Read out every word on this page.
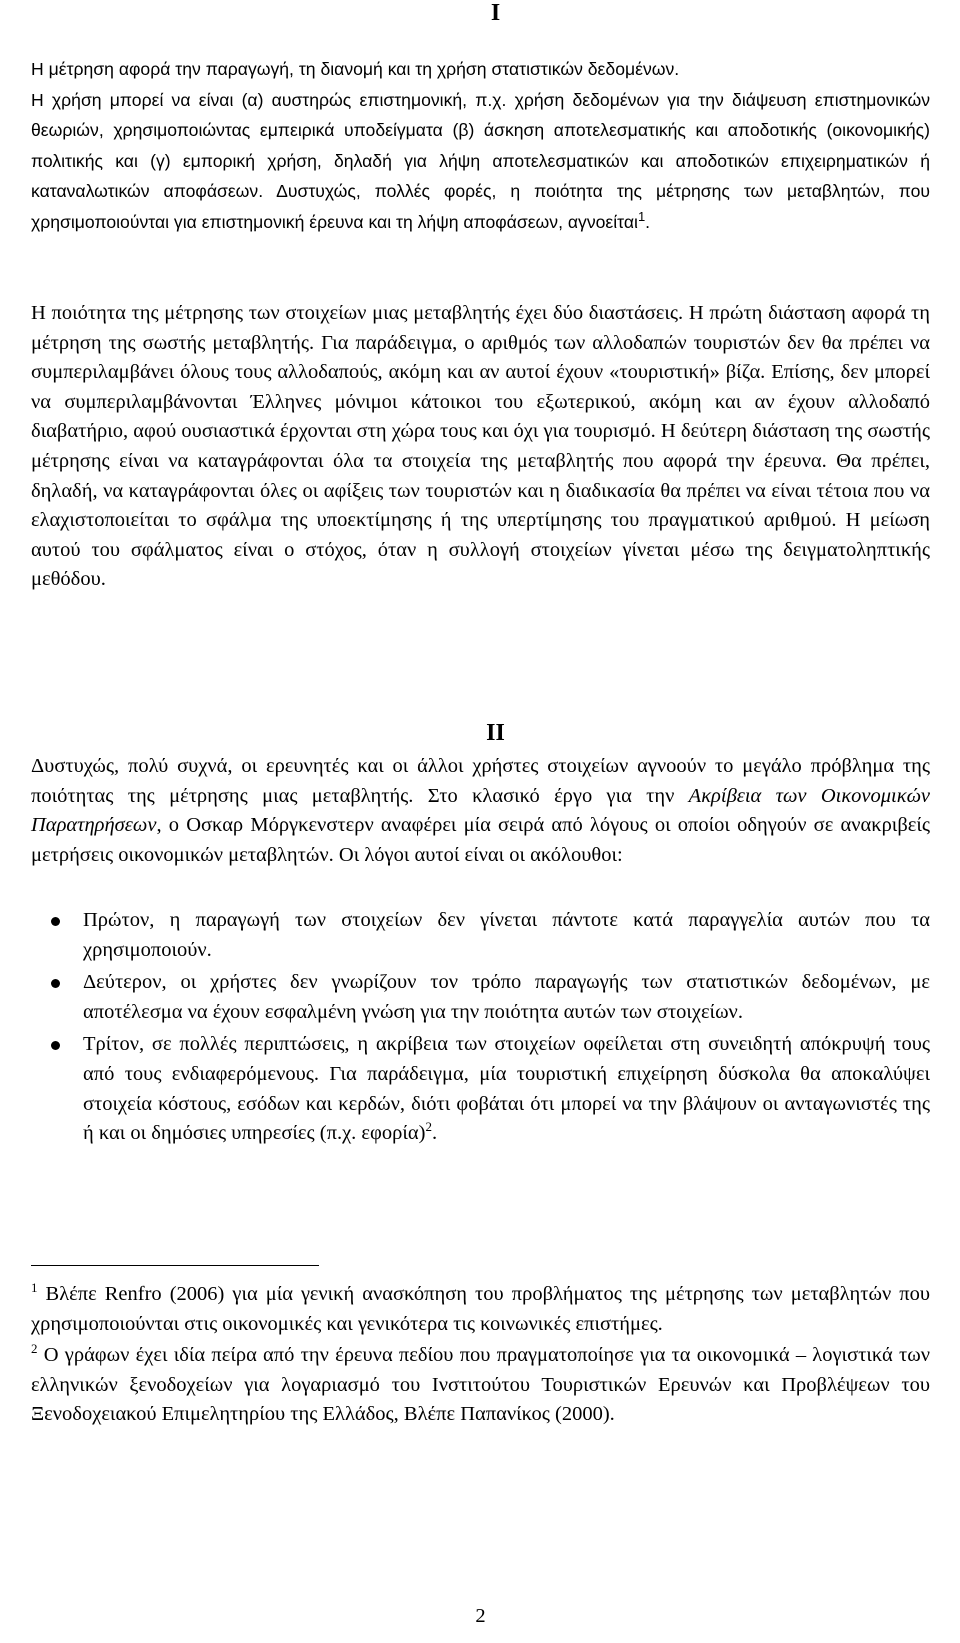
I

Η μέτρηση αφορά την παραγωγή, τη διανομή και τη χρήση στατιστικών δεδομένων.
Η χρήση μπορεί να είναι (α) αυστηρώς επιστημονική, π.χ. χρήση δεδομένων για την διάψευση επιστημονικών θεωριών, χρησιμοποιώντας εμπειρικά υποδείγματα (β) άσκηση αποτελεσματικής και αποδοτικής (οικονομικής) πολιτικής και (γ) εμπορική χρήση, δηλαδή για λήψη αποτελεσματικών και αποδοτικών επιχειρηματικών ή καταναλωτικών αποφάσεων. Δυστυχώς, πολλές φορές, η ποιότητα της μέτρησης των μεταβλητών, που χρησιμοποιούνται για επιστημονική έρευνα και τη λήψη αποφάσεων, αγνοείται$^1$.

Η ποιότητα της μέτρησης των στοιχείων μιας μεταβλητής έχει δύο διαστάσεις. Η πρώτη διάσταση αφορά τη μέτρηση της σωστής μεταβλητής. Για παράδειγμα, ο αριθμός των αλλοδαπών τουριστών δεν θα πρέπει να συμπεριλαμβάνει όλους τους αλλοδαπούς, ακόμη και αν αυτοί έχουν «τουριστική» βίζα. Επίσης, δεν μπορεί να συμπεριλαμβάνονται Έλληνες μόνιμοι κάτοικοι του εξωτερικού, ακόμη και αν έχουν αλλοδαπό διαβατήριο, αφού ουσιαστικά έρχονται στη χώρα τους και όχι για τουρισμό. Η δεύτερη διάσταση της σωστής μέτρησης είναι να καταγράφονται όλα τα στοιχεία της μεταβλητής που αφορά την έρευνα. Θα πρέπει, δηλαδή, να καταγράφονται όλες οι αφίξεις των τουριστών και η διαδικασία θα πρέπει να είναι τέτοια που να ελαχιστοποιείται το σφάλμα της υποεκτίμησης ή της υπερτίμησης του πραγματικού αριθμού. Η μείωση αυτού του σφάλματος είναι ο στόχος, όταν η συλλογή στοιχείων γίνεται μέσω της δειγματοληπτικής μεθόδου.

II

Δυστυχώς, πολύ συχνά, οι ερευνητές και οι άλλοι χρήστες στοιχείων αγνοούν το μεγάλο πρόβλημα της ποιότητας της μέτρησης μιας μεταβλητής. Στο κλασικό έργο για την Ακρίβεια των Οικονομικών Παρατηρήσεων, ο Οσκαρ Μόργκενστερν αναφέρει μία σειρά από λόγους οι οποίοι οδηγούν σε ανακριβείς μετρήσεις οικονομικών μεταβλητών. Οι λόγοι αυτοί είναι οι ακόλουθοι:

Πρώτον, η παραγωγή των στοιχείων δεν γίνεται πάντοτε κατά παραγγελία αυτών που τα χρησιμοποιούν.
Δεύτερον, οι χρήστες δεν γνωρίζουν τον τρόπο παραγωγής των στατιστικών δεδομένων, με αποτέλεσμα να έχουν εσφαλμένη γνώση για την ποιότητα αυτών των στοιχείων.
Τρίτον, σε πολλές περιπτώσεις, η ακρίβεια των στοιχείων οφείλεται στη συνειδητή απόκρυψή τους από τους ενδιαφερόμενους. Για παράδειγμα, μία τουριστική επιχείρηση δύσκολα θα αποκαλύψει στοιχεία κόστους, εσόδων και κερδών, διότι φοβάται ότι μπορεί να την βλάψουν οι ανταγωνιστές της ή και οι δημόσιες υπηρεσίες (π.χ. εφορία)$^2$.

$^1$ Βλέπε Renfro (2006) για μία γενική ανασκόπηση του προβλήματος της μέτρησης των μεταβλητών που χρησιμοποιούνται στις οικονομικές και γενικότερα τις κοινωνικές επιστήμες.

$^2$ Ο γράφων έχει ιδία πείρα από την έρευνα πεδίου που πραγματοποίησε για τα οικονομικά – λογιστικά των ελληνικών ξενοδοχείων για λογαριασμό του Ινστιτούτου Τουριστικών Ερευνών και Προβλέψεων του Ξενοδοχειακού Επιμελητηρίου της Ελλάδος, Βλέπε Παπανίκος (2000).

2
